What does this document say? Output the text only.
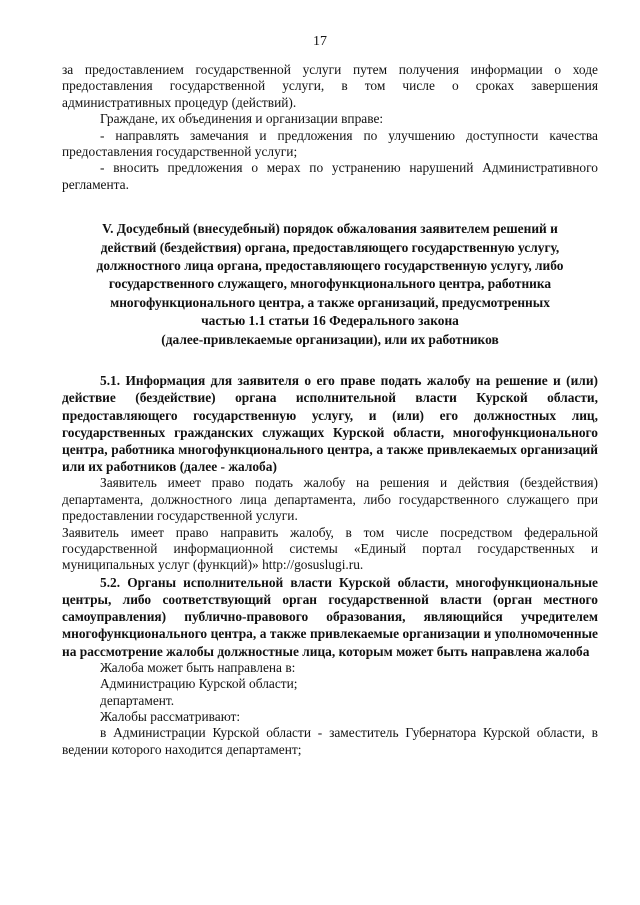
17

за предоставлением государственной услуги путем получения информации о ходе предоставления государственной услуги, в том числе о сроках завершения административных процедур (действий).

Граждане, их объединения и организации вправе:

- направлять замечания и предложения по улучшению доступности качества предоставления государственной услуги;

- вносить предложения о мерах по устранению нарушений Административного регламента.

V. Досудебный (внесудебный) порядок обжалования заявителем решений и
действий (бездействия) органа, предоставляющего государственную услугу,
должностного лица органа, предоставляющего государственную услугу, либо
государственного служащего, многофункционального центра, работника
многофункционального центра, а также организаций, предусмотренных
частью 1.1 статьи 16 Федерального закона
(далее-привлекаемые организации), или их работников

5.1. Информация для заявителя о его праве подать жалобу на решение и (или) действие (бездействие) органа исполнительной власти Курской области, предоставляющего государственную услугу, и (или) его должностных лиц, государственных гражданских служащих Курской области, многофункционального центра, работника многофункционального центра, а также привлекаемых организаций или их работников (далее - жалоба)

Заявитель имеет право подать жалобу на решения и действия (бездействия) департамента, должностного лица департамента, либо государственного служащего при предоставлении государственной услуги.

Заявитель имеет право направить жалобу, в том числе посредством федеральной государственной информационной системы «Единый портал государственных и муниципальных услуг (функций)» http://gosuslugi.ru.

5.2. Органы исполнительной власти Курской области, многофункциональные центры, либо соответствующий орган государственной власти (орган местного самоуправления) публично-правового образования, являющийся учредителем многофункционального центра, а также привлекаемые организации и уполномоченные на рассмотрение жалобы должностные лица, которым может быть направлена жалоба

Жалоба может быть направлена в:

Администрацию Курской области;

департамент.

Жалобы рассматривают:

в Администрации Курской области - заместитель Губернатора Курской области, в ведении которого находится департамент;
